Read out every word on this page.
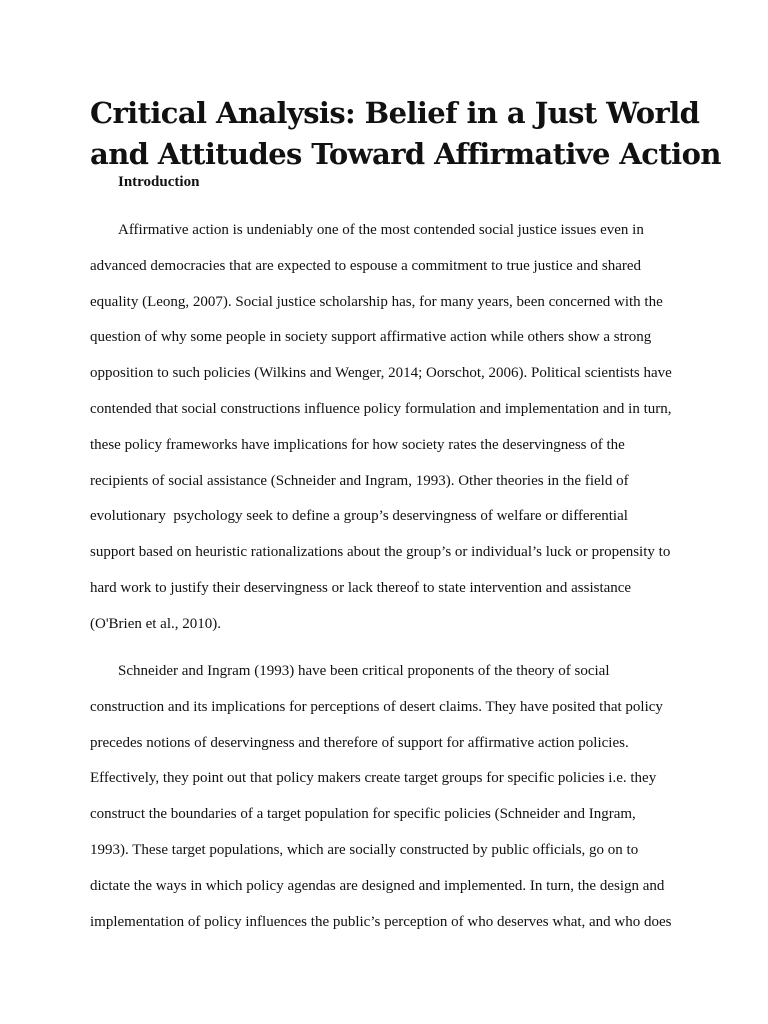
Critical Analysis: Belief in a Just World
and Attitudes Toward Affirmative Action
Introduction
Affirmative action is undeniably one of the most contended social justice issues even in
advanced democracies that are expected to espouse a commitment to true justice and shared
equality (Leong, 2007). Social justice scholarship has, for many years, been concerned with the
question of why some people in society support affirmative action while others show a strong
opposition to such policies (Wilkins and Wenger, 2014; Oorschot, 2006). Political scientists have
contended that social constructions influence policy formulation and implementation and in turn,
these policy frameworks have implications for how society rates the deservingness of the
recipients of social assistance (Schneider and Ingram, 1993). Other theories in the field of
evolutionary  psychology seek to define a group’s deservingness of welfare or differential
support based on heuristic rationalizations about the group’s or individual’s luck or propensity to
hard work to justify their deservingness or lack thereof to state intervention and assistance
(O'Brien et al., 2010).
Schneider and Ingram (1993) have been critical proponents of the theory of social
construction and its implications for perceptions of desert claims. They have posited that policy
precedes notions of deservingness and therefore of support for affirmative action policies.
Effectively, they point out that policy makers create target groups for specific policies i.e. they
construct the boundaries of a target population for specific policies (Schneider and Ingram,
1993). These target populations, which are socially constructed by public officials, go on to
dictate the ways in which policy agendas are designed and implemented. In turn, the design and
implementation of policy influences the public’s perception of who deserves what, and who does
